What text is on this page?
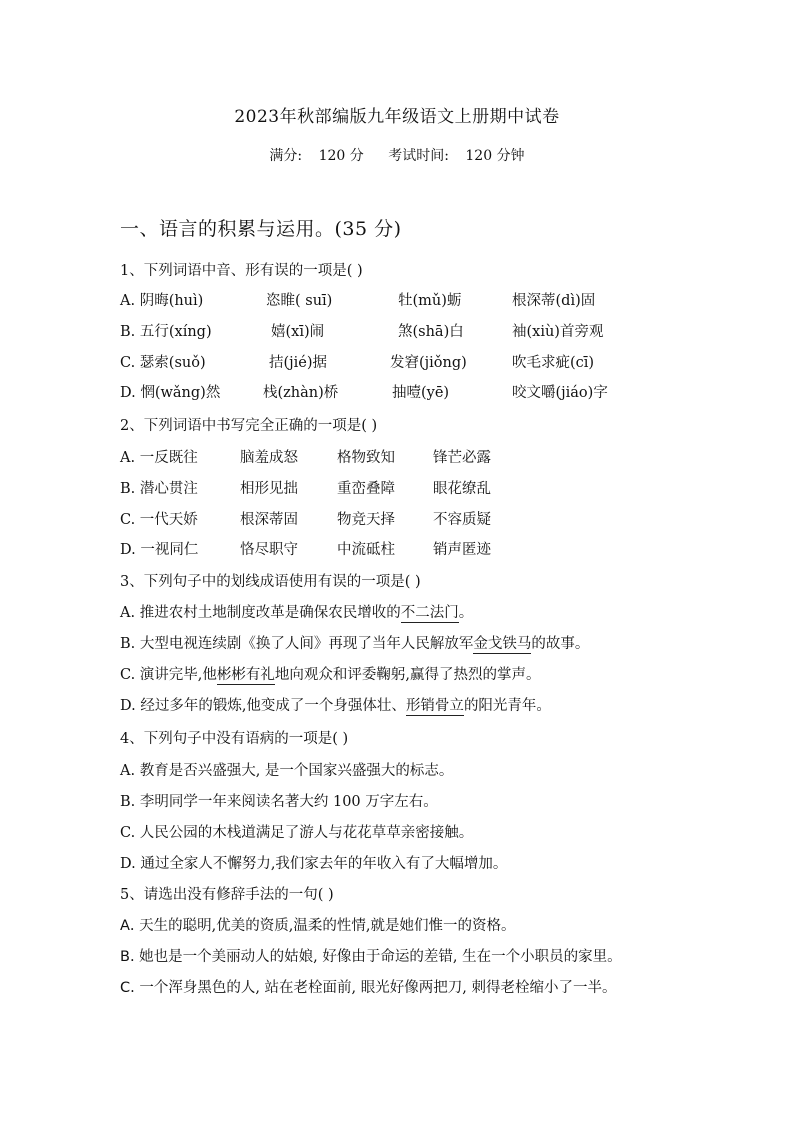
2023年秋部编版九年级语文上册期中试卷
满分: 120 分 考试时间: 120 分钟
一、语言的积累与运用。(35 分)
1、下列词语中音、形有误的一项是( )
A. 阴晦(huì)	恣睢( suī)	牡(mǔ)蛎	根深蒂(dì)固
B. 五行(xíng)	嬉(xī)闹	煞(shā)白	袖(xiù)首旁观
C. 瑟索(suǒ)	拮(jié)据	发窘(jiǒng)	吹毛求疵(cī)
D. 惘(wǎng)然	栈(zhàn)桥	抽噎(yē)	咬文嚼(jiáo)字
2、下列词语中书写完全正确的一项是( )
A. 一反既往	脑羞成怒	格物致知	锋芒必露
B. 潜心贯注	相形见拙	重峦叠障	眼花缭乱
C. 一代天娇	根深蒂固	物竞天择	不容质疑
D. 一视同仁	恪尽职守	中流砥柱	销声匿迹
3、下列句子中的划线成语使用有误的一项是( )
A. 推进农村土地制度改革是确保农民增收的不二法门。
B. 大型电视连续剧《换了人间》再现了当年人民解放军金戈铁马的故事。
C. 演讲完毕,他彬彬有礼地向观众和评委鞠躬,赢得了热烈的掌声。
D. 经过多年的锻炼,他变成了一个身强体壮、形销骨立的阳光青年。
4、下列句子中没有语病的一项是( )
A. 教育是否兴盛强大, 是一个国家兴盛强大的标志。
B. 李明同学一年来阅读名著大约 100 万字左右。
C. 人民公园的木栈道满足了游人与花花草草亲密接触。
D. 通过全家人不懈努力,我们家去年的年收入有了大幅增加。
5、请选出没有修辞手法的一句( )
A. 天生的聪明,优美的资质,温柔的性情,就是她们惟一的资格。
B. 她也是一个美丽动人的姑娘, 好像由于命运的差错, 生在一个小职员的家里。
C. 一个浑身黑色的人, 站在老栓面前, 眼光好像两把刀, 刺得老栓缩小了一半。
